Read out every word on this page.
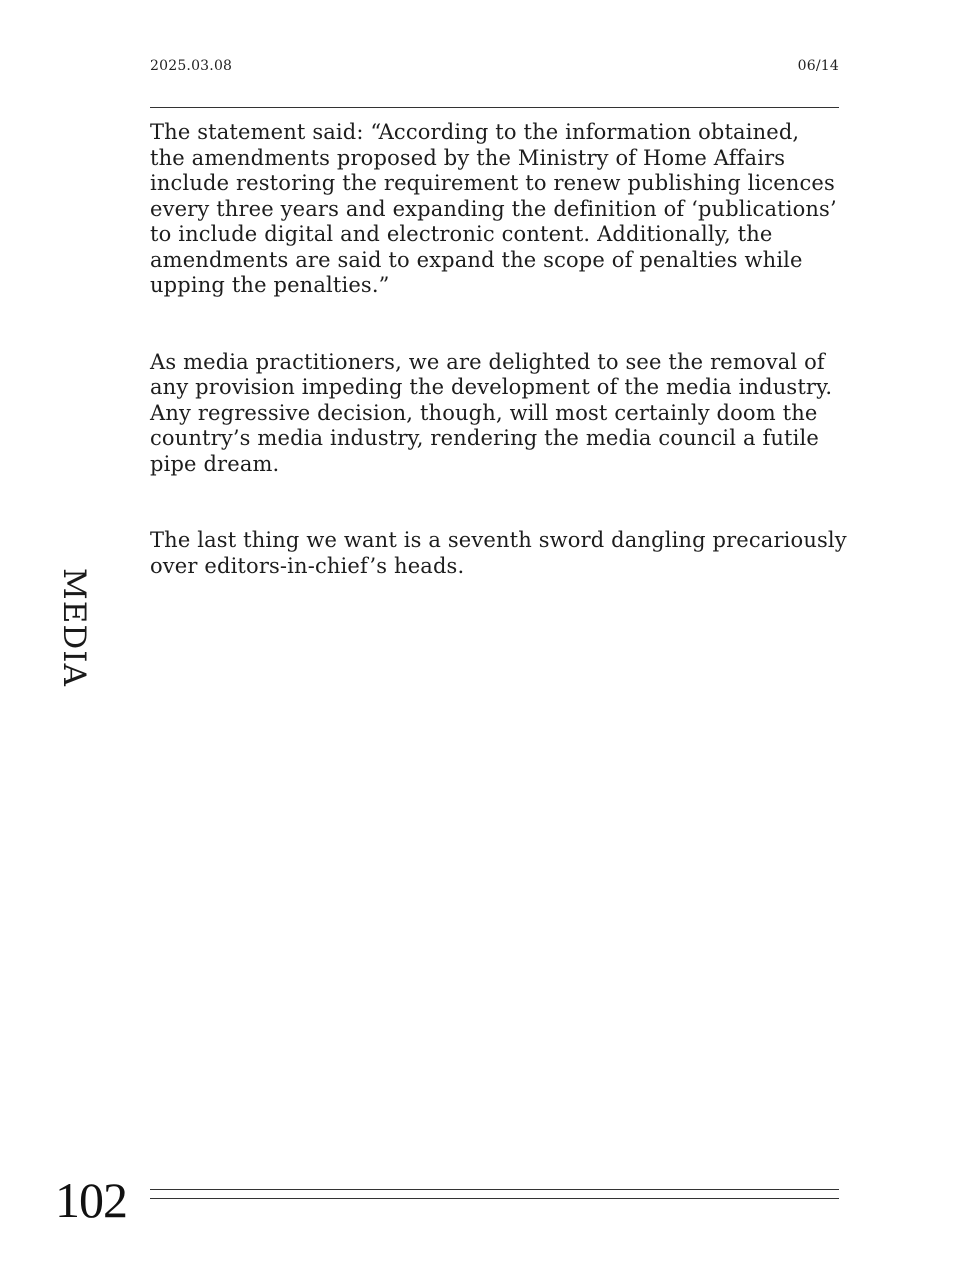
2025.03.08	06/14

The statement said: “According to the information obtained,
the amendments proposed by the Ministry of Home Affairs
include restoring the requirement to renew publishing licences
every three years and expanding the definition of ‘publications’
to include digital and electronic content. Additionally, the
amendments are said to expand the scope of penalties while
upping the penalties.”

As media practitioners, we are delighted to see the removal of
any provision impeding the development of the media industry.
Any regressive decision, though, will most certainly doom the
country’s media industry, rendering the media council a futile
pipe dream.

The last thing we want is a seventh sword dangling precariously
over editors-in-chief’s heads.

MEDIA
102
